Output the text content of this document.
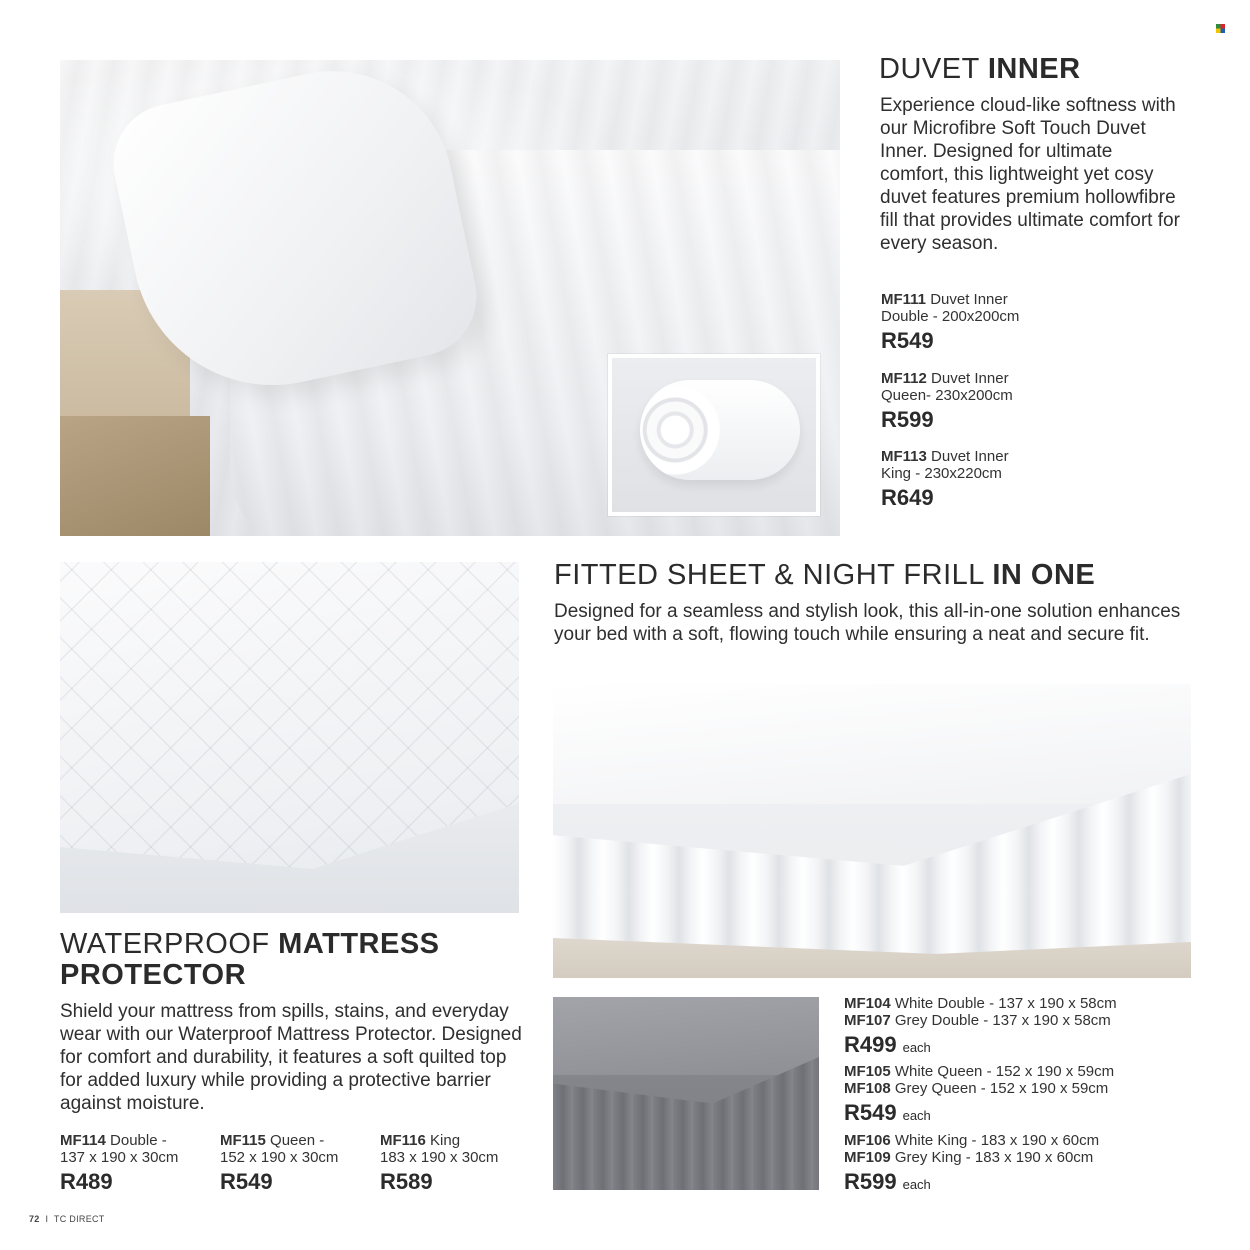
DUVET INNER
Experience cloud-like softness with our Microfibre Soft Touch Duvet Inner. Designed for ultimate comfort, this lightweight yet cosy duvet features premium hollowfibre fill that provides ultimate comfort for every season.
MF111 Duvet Inner
Double - 200x200cm
R549
MF112 Duvet Inner
Queen- 230x200cm
R599
MF113 Duvet Inner
King - 230x220cm
R649
FITTED SHEET & NIGHT FRILL IN ONE
Designed for a seamless and stylish look, this all-in-one solution enhances your bed with a soft, flowing touch while ensuring a neat and secure fit.
MF104 White Double - 137 x 190 x 58cm
MF107 Grey Double - 137 x 190 x 58cm
R499 each
MF105 White Queen - 152 x 190 x 59cm
MF108 Grey Queen - 152 x 190 x 59cm
R549 each
MF106 White King - 183 x 190 x 60cm
MF109 Grey King - 183 x 190 x 60cm
R599 each
WATERPROOF MATTRESS
PROTECTOR
Shield your mattress from spills, stains, and everyday wear with our Waterproof Mattress Protector. Designed for comfort and durability, it features a soft quilted top for added luxury while providing a protective barrier against moisture.
MF114 Double -
137 x 190 x 30cm
R489
MF115 Queen -
152 x 190 x 30cm
R549
MF116 King
183 x 190 x 30cm
R589
72 I TC DIRECT
